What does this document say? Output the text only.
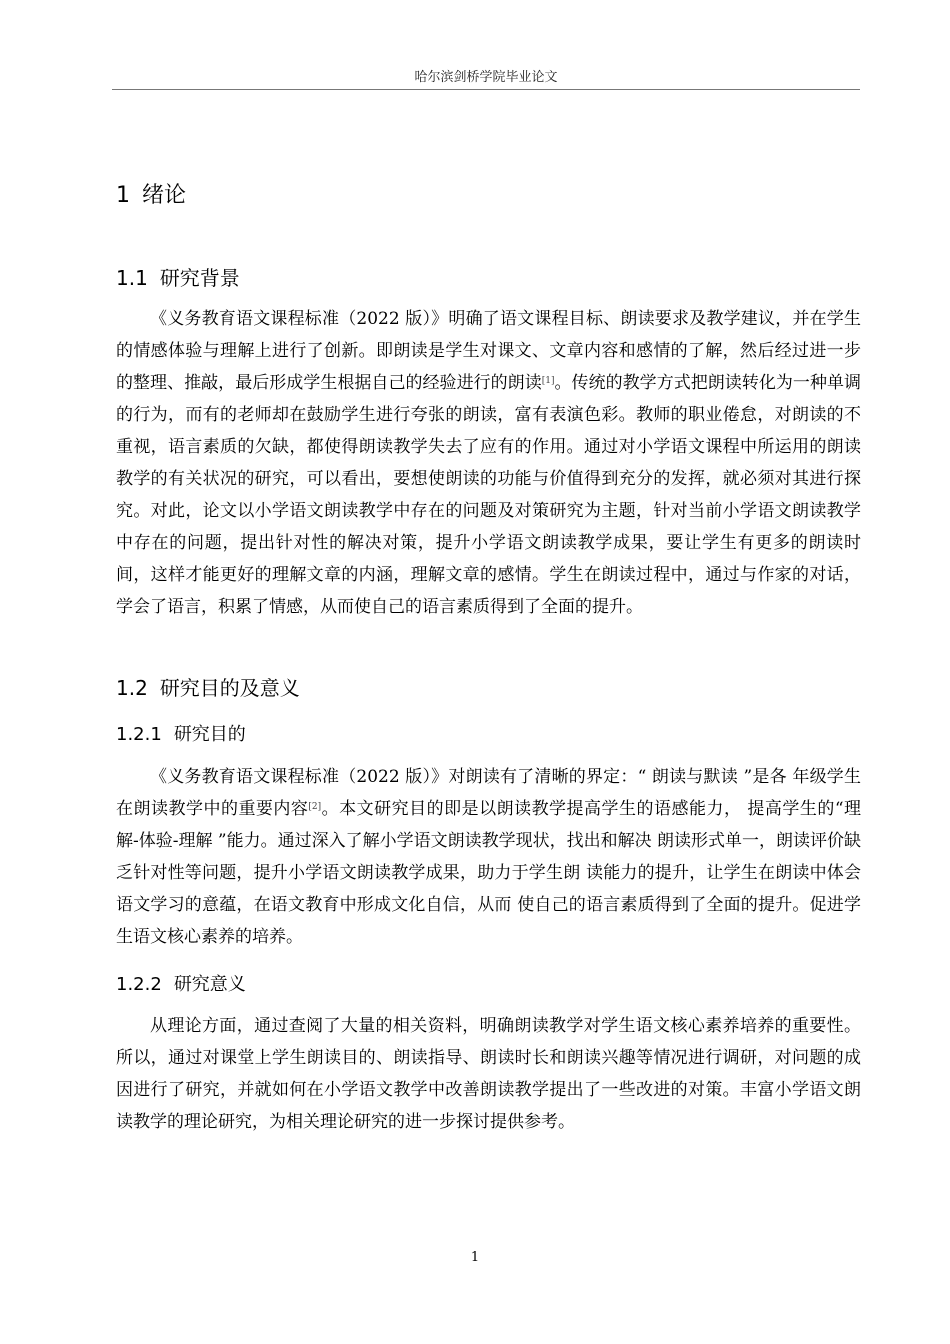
哈尔滨剑桥学院毕业论文
1 绪论
1.1 研究背景

《义务教育语文课程标准（2022 版）》明确了语文课程目标、朗读要求及教学建议，并在学生的情感体验与理解上进行了创新。即朗读是学生对课文、文章内容和感情的了解，然后经过进一步的整理、推敲，最后形成学生根据自己的经验进行的朗读[1]。传统的教学方式把朗读转化为一种单调的行为，而有的老师却在鼓励学生进行夸张的朗读，富有表演色彩。教师的职业倦怠，对朗读的不重视，语言素质的欠缺，都使得朗读教学失去了应有的作用。通过对小学语文课程中所运用的朗读教学的有关状况的研究，可以看出，要想使朗读的功能与价值得到充分的发挥，就必须对其进行探究。对此，论文以小学语文朗读教学中存在的问题及对策研究为主题，针对当前小学语文朗读教学中存在的问题，提出针对性的解决对策，提升小学语文朗读教学成果，要让学生有更多的朗读时间，这样才能更好的理解文章的内涵，理解文章的感情。学生在朗读过程中，通过与作家的对话，学会了语言，积累了情感，从而使自己的语言素质得到了全面的提升。

1.2 研究目的及意义
1.2.1 研究目的

《义务教育语文课程标准（2022 版）》对朗读有了清晰的界定：“ 朗读与默读 ”是各 年级学生在朗读教学中的重要内容[2]。本文研究目的即是以朗读教学提高学生的语感能力， 提高学生的“理解-体验-理解 ”能力。通过深入了解小学语文朗读教学现状，找出和解决 朗读形式单一，朗读评价缺乏针对性等问题，提升小学语文朗读教学成果，助力于学生朗 读能力的提升，让学生在朗读中体会语文学习的意蕴，在语文教育中形成文化自信，从而 使自己的语言素质得到了全面的提升。促进学生语文核心素养的培养。

1.2.2 研究意义

从理论方面，通过查阅了大量的相关资料，明确朗读教学对学生语文核心素养培养的重要性。所以，通过对课堂上学生朗读目的、朗读指导、朗读时长和朗读兴趣等情况进行调研，对问题的成因进行了研究，并就如何在小学语文教学中改善朗读教学提出了一些改进的对策。丰富小学语文朗读教学的理论研究，为相关理论研究的进一步探讨提供参考。

1
